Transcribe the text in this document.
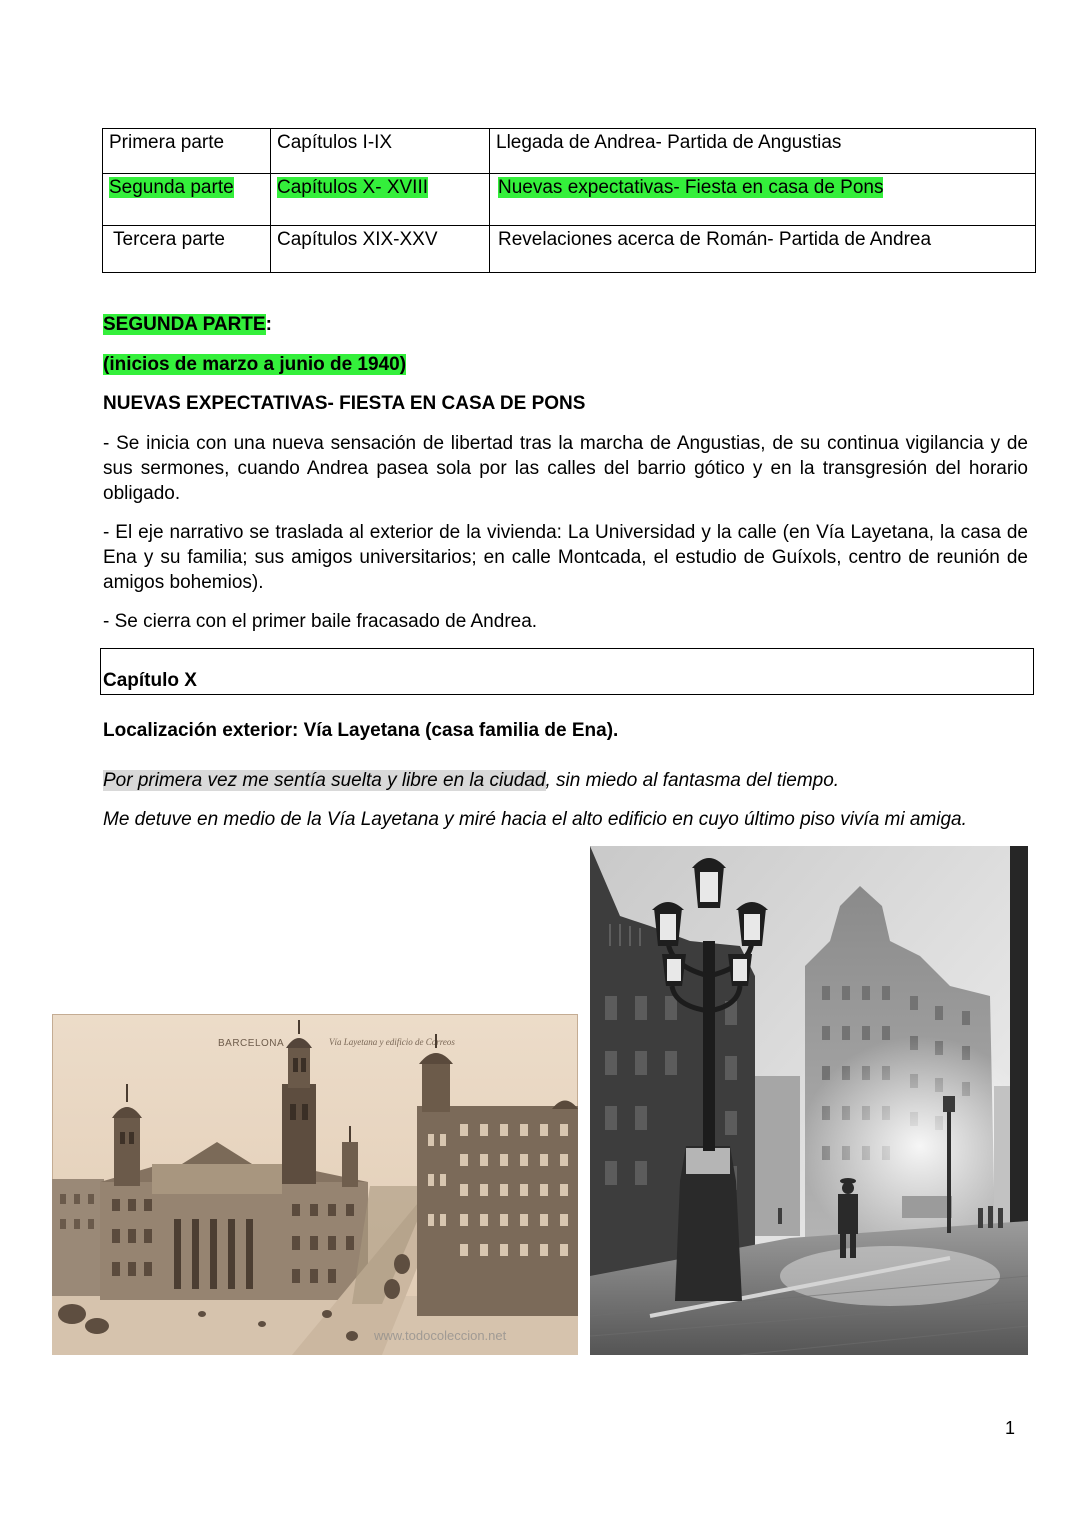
Primera parte	Capítulos I-IX	Llegada de Andrea- Partida de Angustias
Segunda parte	Capítulos X- XVIII	Nuevas expectativas- Fiesta en casa de Pons
Tercera parte	Capítulos XIX-XXV	Revelaciones acerca de Román- Partida de Andrea
SEGUNDA PARTE:
(inicios de marzo a junio de 1940)
NUEVAS EXPECTATIVAS- FIESTA EN CASA DE PONS

- Se inicia con una nueva sensación de libertad tras la marcha de Angustias, de su continua vigilancia y de sus sermones, cuando Andrea pasea sola por las calles del barrio gótico y en la transgresión del horario obligado.

- El eje narrativo se traslada al exterior de la vivienda: La Universidad y la calle (en Vía Layetana, la casa de Ena y su familia; sus amigos universitarios; en calle Montcada, el estudio de Guíxols, centro de reunión de amigos bohemios).

- Se cierra con el primer baile fracasado de Andrea.

Capítulo X
Localización exterior: Vía Layetana (casa familia de Ena).
Por primera vez me sentía suelta y libre en la ciudad, sin miedo al fantasma del tiempo.
Me detuve en medio de la Vía Layetana y miré hacia el alto edificio en cuyo último piso vivía mi amiga.
BARCELONA	Vía Layetana y edificio de Correos
www.todocoleccion.net
1
